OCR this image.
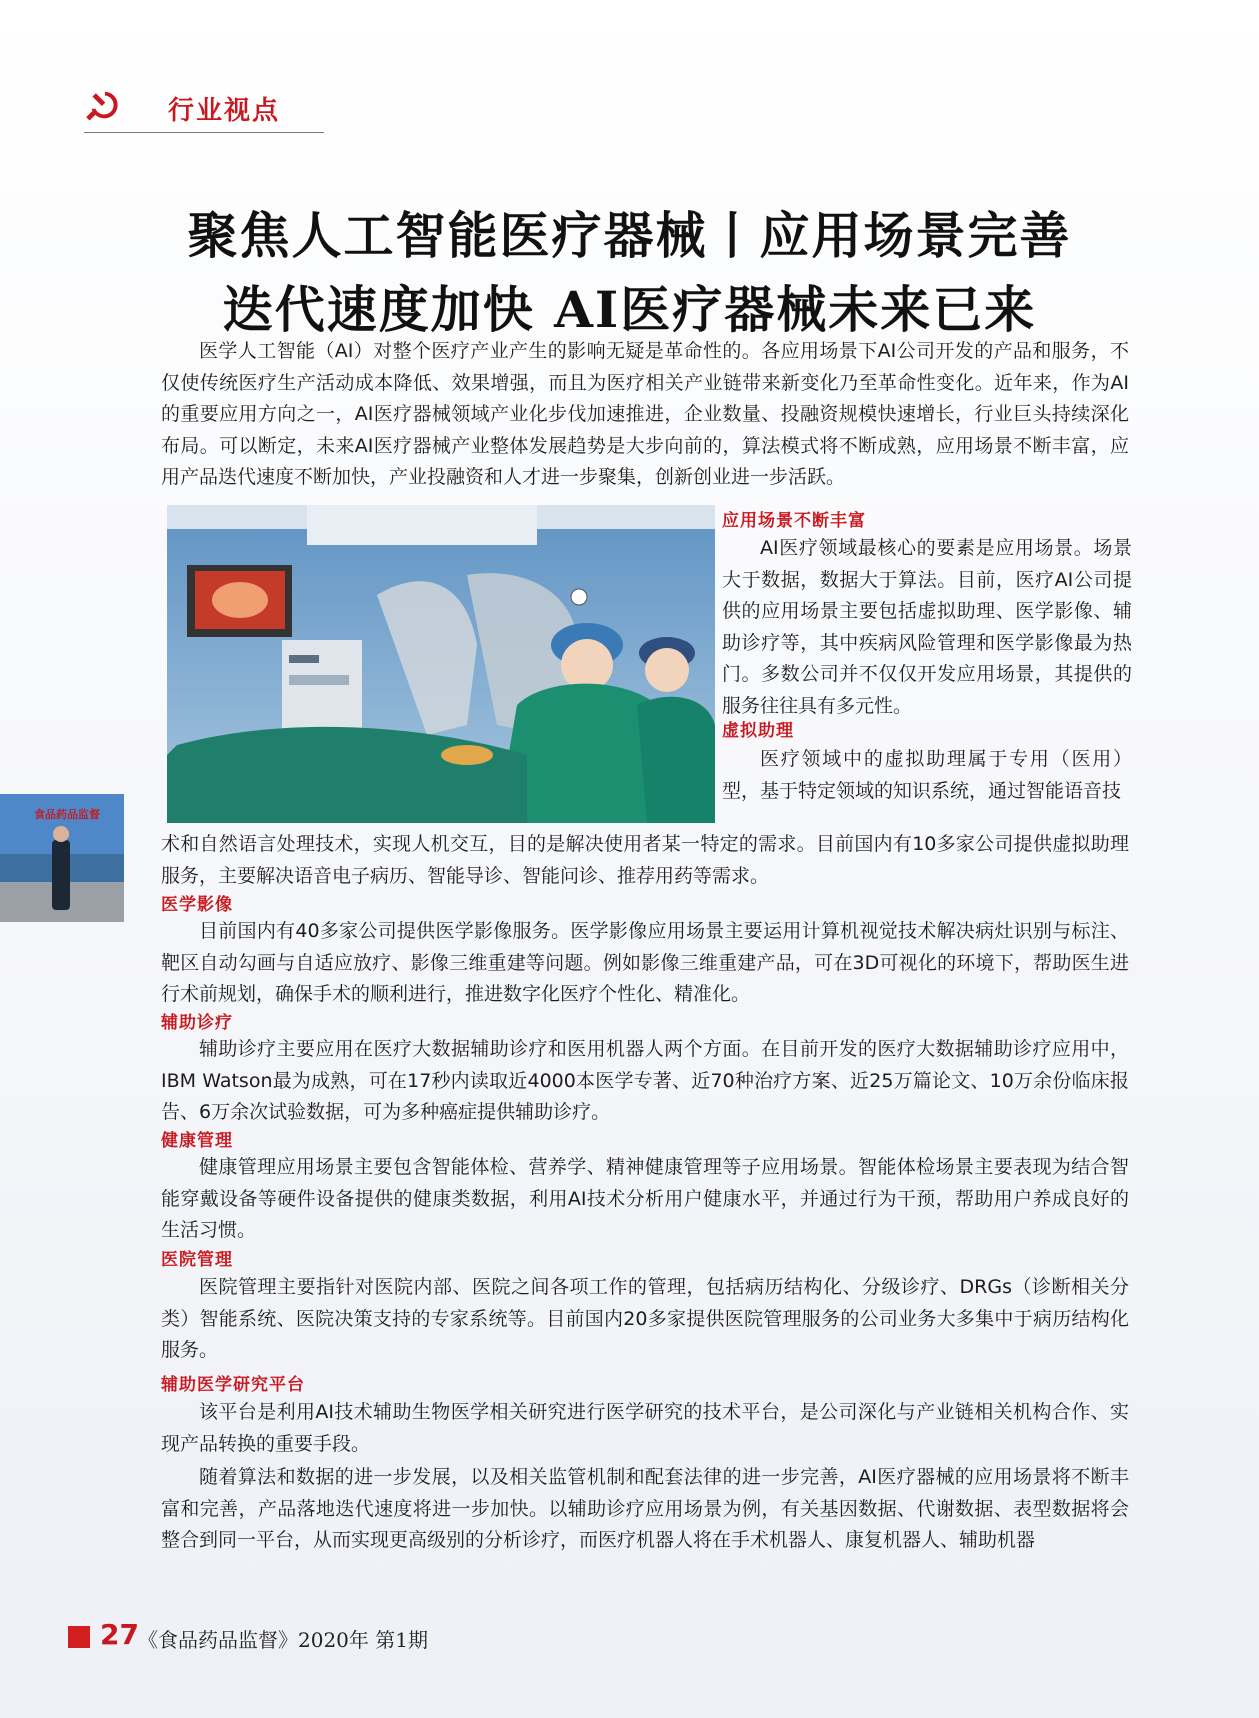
行业视点
聚焦人工智能医疗器械丨应用场景完善
迭代速度加快 AI医疗器械未来已来

医学人工智能（AI）对整个医疗产业产生的影响无疑是革命性的。各应用场景下AI公司开发的产品和服务，不仅使传统医疗生产活动成本降低、效果增强，而且为医疗相关产业链带来新变化乃至革命性变化。近年来，作为AI的重要应用方向之一，AI医疗器械领域产业化步伐加速推进，企业数量、投融资规模快速增长，行业巨头持续深化布局。可以断定，未来AI医疗器械产业整体发展趋势是大步向前的，算法模式将不断成熟，应用场景不断丰富，应用产品迭代速度不断加快，产业投融资和人才进一步聚集，创新创业进一步活跃。

应用场景不断丰富

AI医疗领域最核心的要素是应用场景。场景大于数据，数据大于算法。目前，医疗AI公司提供的应用场景主要包括虚拟助理、医学影像、辅助诊疗等，其中疾病风险管理和医学影像最为热门。多数公司并不仅仅开发应用场景，其提供的服务往往具有多元性。

虚拟助理

医疗领域中的虚拟助理属于专用（医用）型，基于特定领域的知识系统，通过智能语音技

食品药品监督

术和自然语言处理技术，实现人机交互，目的是解决使用者某一特定的需求。目前国内有10多家公司提供虚拟助理服务，主要解决语音电子病历、智能导诊、智能问诊、推荐用药等需求。

医学影像

目前国内有40多家公司提供医学影像服务。医学影像应用场景主要运用计算机视觉技术解决病灶识别与标注、靶区自动勾画与自适应放疗、影像三维重建等问题。例如影像三维重建产品，可在3D可视化的环境下，帮助医生进行术前规划，确保手术的顺利进行，推进数字化医疗个性化、精准化。

辅助诊疗

辅助诊疗主要应用在医疗大数据辅助诊疗和医用机器人两个方面。在目前开发的医疗大数据辅助诊疗应用中，IBM Watson最为成熟，可在17秒内读取近4000本医学专著、近70种治疗方案、近25万篇论文、10万余份临床报告、6万余次试验数据，可为多种癌症提供辅助诊疗。

健康管理

健康管理应用场景主要包含智能体检、营养学、精神健康管理等子应用场景。智能体检场景主要表现为结合智能穿戴设备等硬件设备提供的健康类数据，利用AI技术分析用户健康水平，并通过行为干预，帮助用户养成良好的生活习惯。

医院管理

医院管理主要指针对医院内部、医院之间各项工作的管理，包括病历结构化、分级诊疗、DRGs（诊断相关分类）智能系统、医院决策支持的专家系统等。目前国内20多家提供医院管理服务的公司业务大多集中于病历结构化服务。

辅助医学研究平台

该平台是利用AI技术辅助生物医学相关研究进行医学研究的技术平台，是公司深化与产业链相关机构合作、实现产品转换的重要手段。

随着算法和数据的进一步发展，以及相关监管机制和配套法律的进一步完善，AI医疗器械的应用场景将不断丰富和完善，产品落地迭代速度将进一步加快。以辅助诊疗应用场景为例，有关基因数据、代谢数据、表型数据将会整合到同一平台，从而实现更高级别的分析诊疗，而医疗机器人将在手术机器人、康复机器人、辅助机器

27 《食品药品监督》2020年 第1期
